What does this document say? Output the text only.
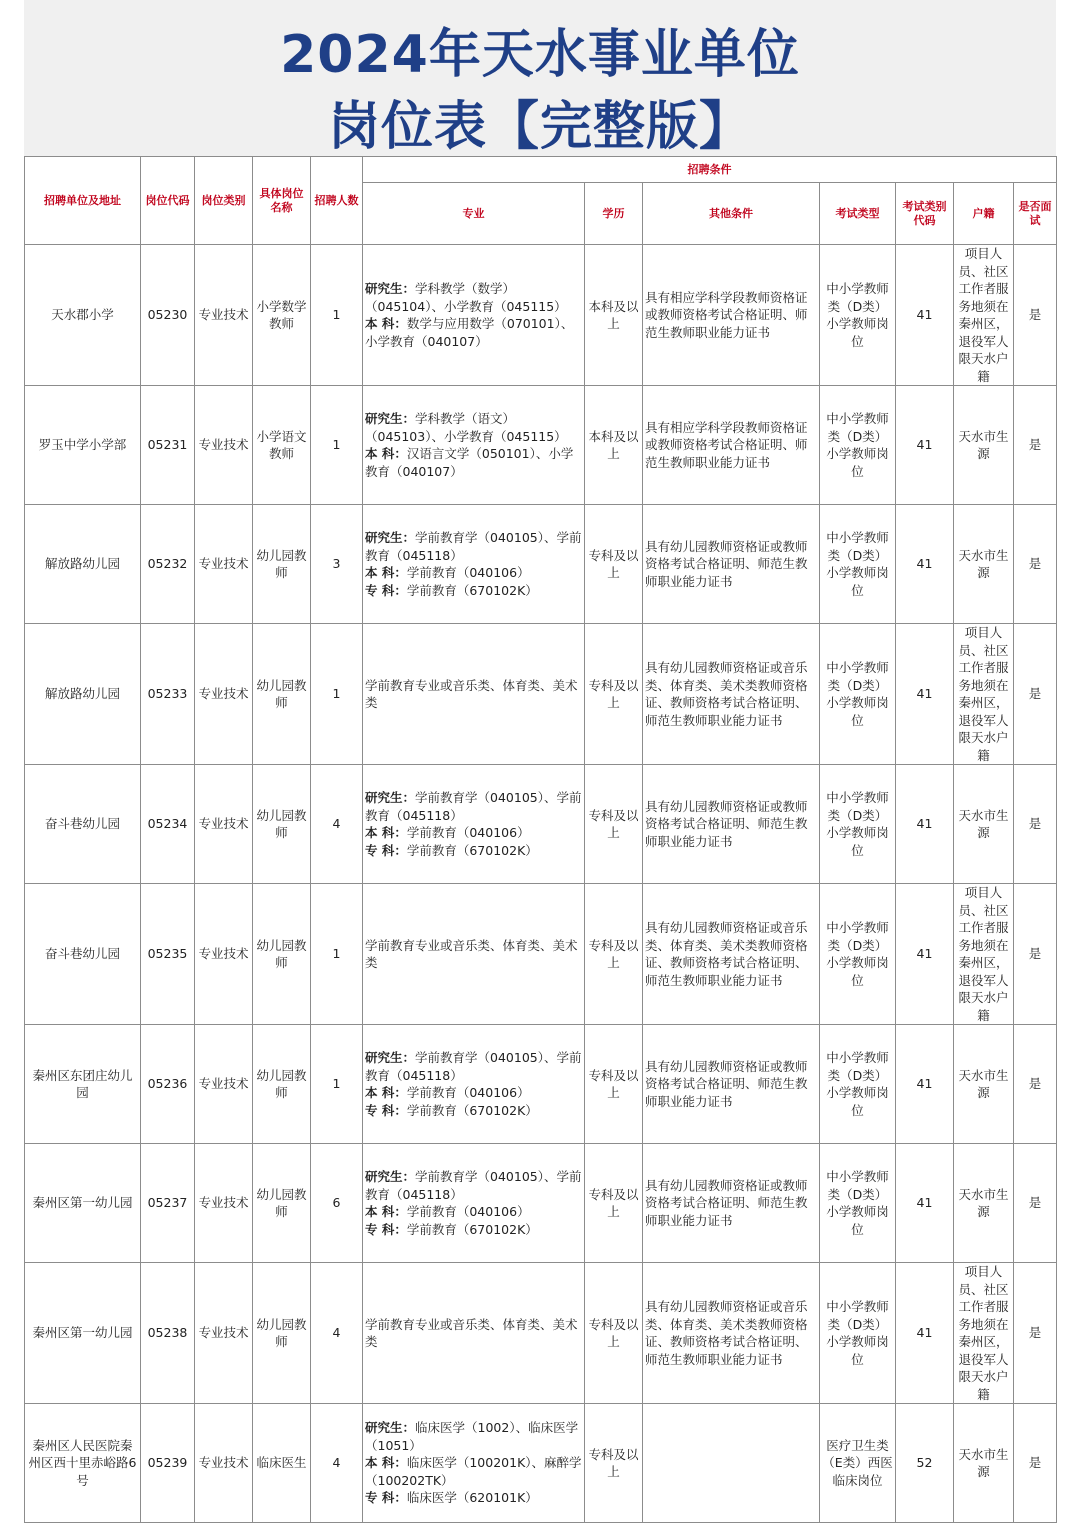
2024年天水事业单位
岗位表【完整版】
招聘单位及地址	岗位代码	岗位类别	具体岗位名称	招聘人数	招聘条件						
					专业	学历	其他条件	考试类型	考试类别代码	户籍	是否面试
天水郡小学	05230	专业技术	小学数学教师	1	研究生：学科教学（数学）（045104）、小学教育（045115）
本 科：数学与应用数学（070101）、小学教育（040107）	本科及以上	具有相应学科学段教师资格证或教师资格考试合格证明、师范生教师职业能力证书	中小学教师类（D类）小学教师岗位	41	项目人员、社区工作者服务地须在秦州区，退役军人限天水户籍	是
罗玉中学小学部	05231	专业技术	小学语文教师	1	研究生：学科教学（语文）（045103）、小学教育（045115）
本 科：汉语言文学（050101）、小学教育（040107）	本科及以上	具有相应学科学段教师资格证或教师资格考试合格证明、师范生教师职业能力证书	中小学教师类（D类）小学教师岗位	41	天水市生源	是
解放路幼儿园	05232	专业技术	幼儿园教师	3	研究生：学前教育学（040105）、学前教育（045118）
本 科：学前教育（040106）
专 科：学前教育（670102K）	专科及以上	具有幼儿园教师资格证或教师资格考试合格证明、师范生教师职业能力证书	中小学教师类（D类）小学教师岗位	41	天水市生源	是
解放路幼儿园	05233	专业技术	幼儿园教师	1	学前教育专业或音乐类、体育类、美术类	专科及以上	具有幼儿园教师资格证或音乐类、体育类、美术类教师资格证、教师资格考试合格证明、师范生教师职业能力证书	中小学教师类（D类）小学教师岗位	41	项目人员、社区工作者服务地须在秦州区，退役军人限天水户籍	是
奋斗巷幼儿园	05234	专业技术	幼儿园教师	4	研究生：学前教育学（040105）、学前教育（045118）
本 科：学前教育（040106）
专 科：学前教育（670102K）	专科及以上	具有幼儿园教师资格证或教师资格考试合格证明、师范生教师职业能力证书	中小学教师类（D类）小学教师岗位	41	天水市生源	是
奋斗巷幼儿园	05235	专业技术	幼儿园教师	1	学前教育专业或音乐类、体育类、美术类	专科及以上	具有幼儿园教师资格证或音乐类、体育类、美术类教师资格证、教师资格考试合格证明、师范生教师职业能力证书	中小学教师类（D类）小学教师岗位	41	项目人员、社区工作者服务地须在秦州区，退役军人限天水户籍	是
秦州区东团庄幼儿园	05236	专业技术	幼儿园教师	1	研究生：学前教育学（040105）、学前教育（045118）
本 科：学前教育（040106）
专 科：学前教育（670102K）	专科及以上	具有幼儿园教师资格证或教师资格考试合格证明、师范生教师职业能力证书	中小学教师类（D类）小学教师岗位	41	天水市生源	是
秦州区第一幼儿园	05237	专业技术	幼儿园教师	6	研究生：学前教育学（040105）、学前教育（045118）
本 科：学前教育（040106）
专 科：学前教育（670102K）	专科及以上	具有幼儿园教师资格证或教师资格考试合格证明、师范生教师职业能力证书	中小学教师类（D类）小学教师岗位	41	天水市生源	是
秦州区第一幼儿园	05238	专业技术	幼儿园教师	4	学前教育专业或音乐类、体育类、美术类	专科及以上	具有幼儿园教师资格证或音乐类、体育类、美术类教师资格证、教师资格考试合格证明、师范生教师职业能力证书	中小学教师类（D类）小学教师岗位	41	项目人员、社区工作者服务地须在秦州区，退役军人限天水户籍	是
秦州区人民医院秦州区西十里赤峪路6号	05239	专业技术	临床医生	4	研究生：临床医学（1002）、临床医学（1051）
本 科：临床医学（100201K）、麻醉学（100202TK）
专 科：临床医学（620101K）	专科及以上		医疗卫生类（E类）西医临床岗位	52	天水市生源	是
